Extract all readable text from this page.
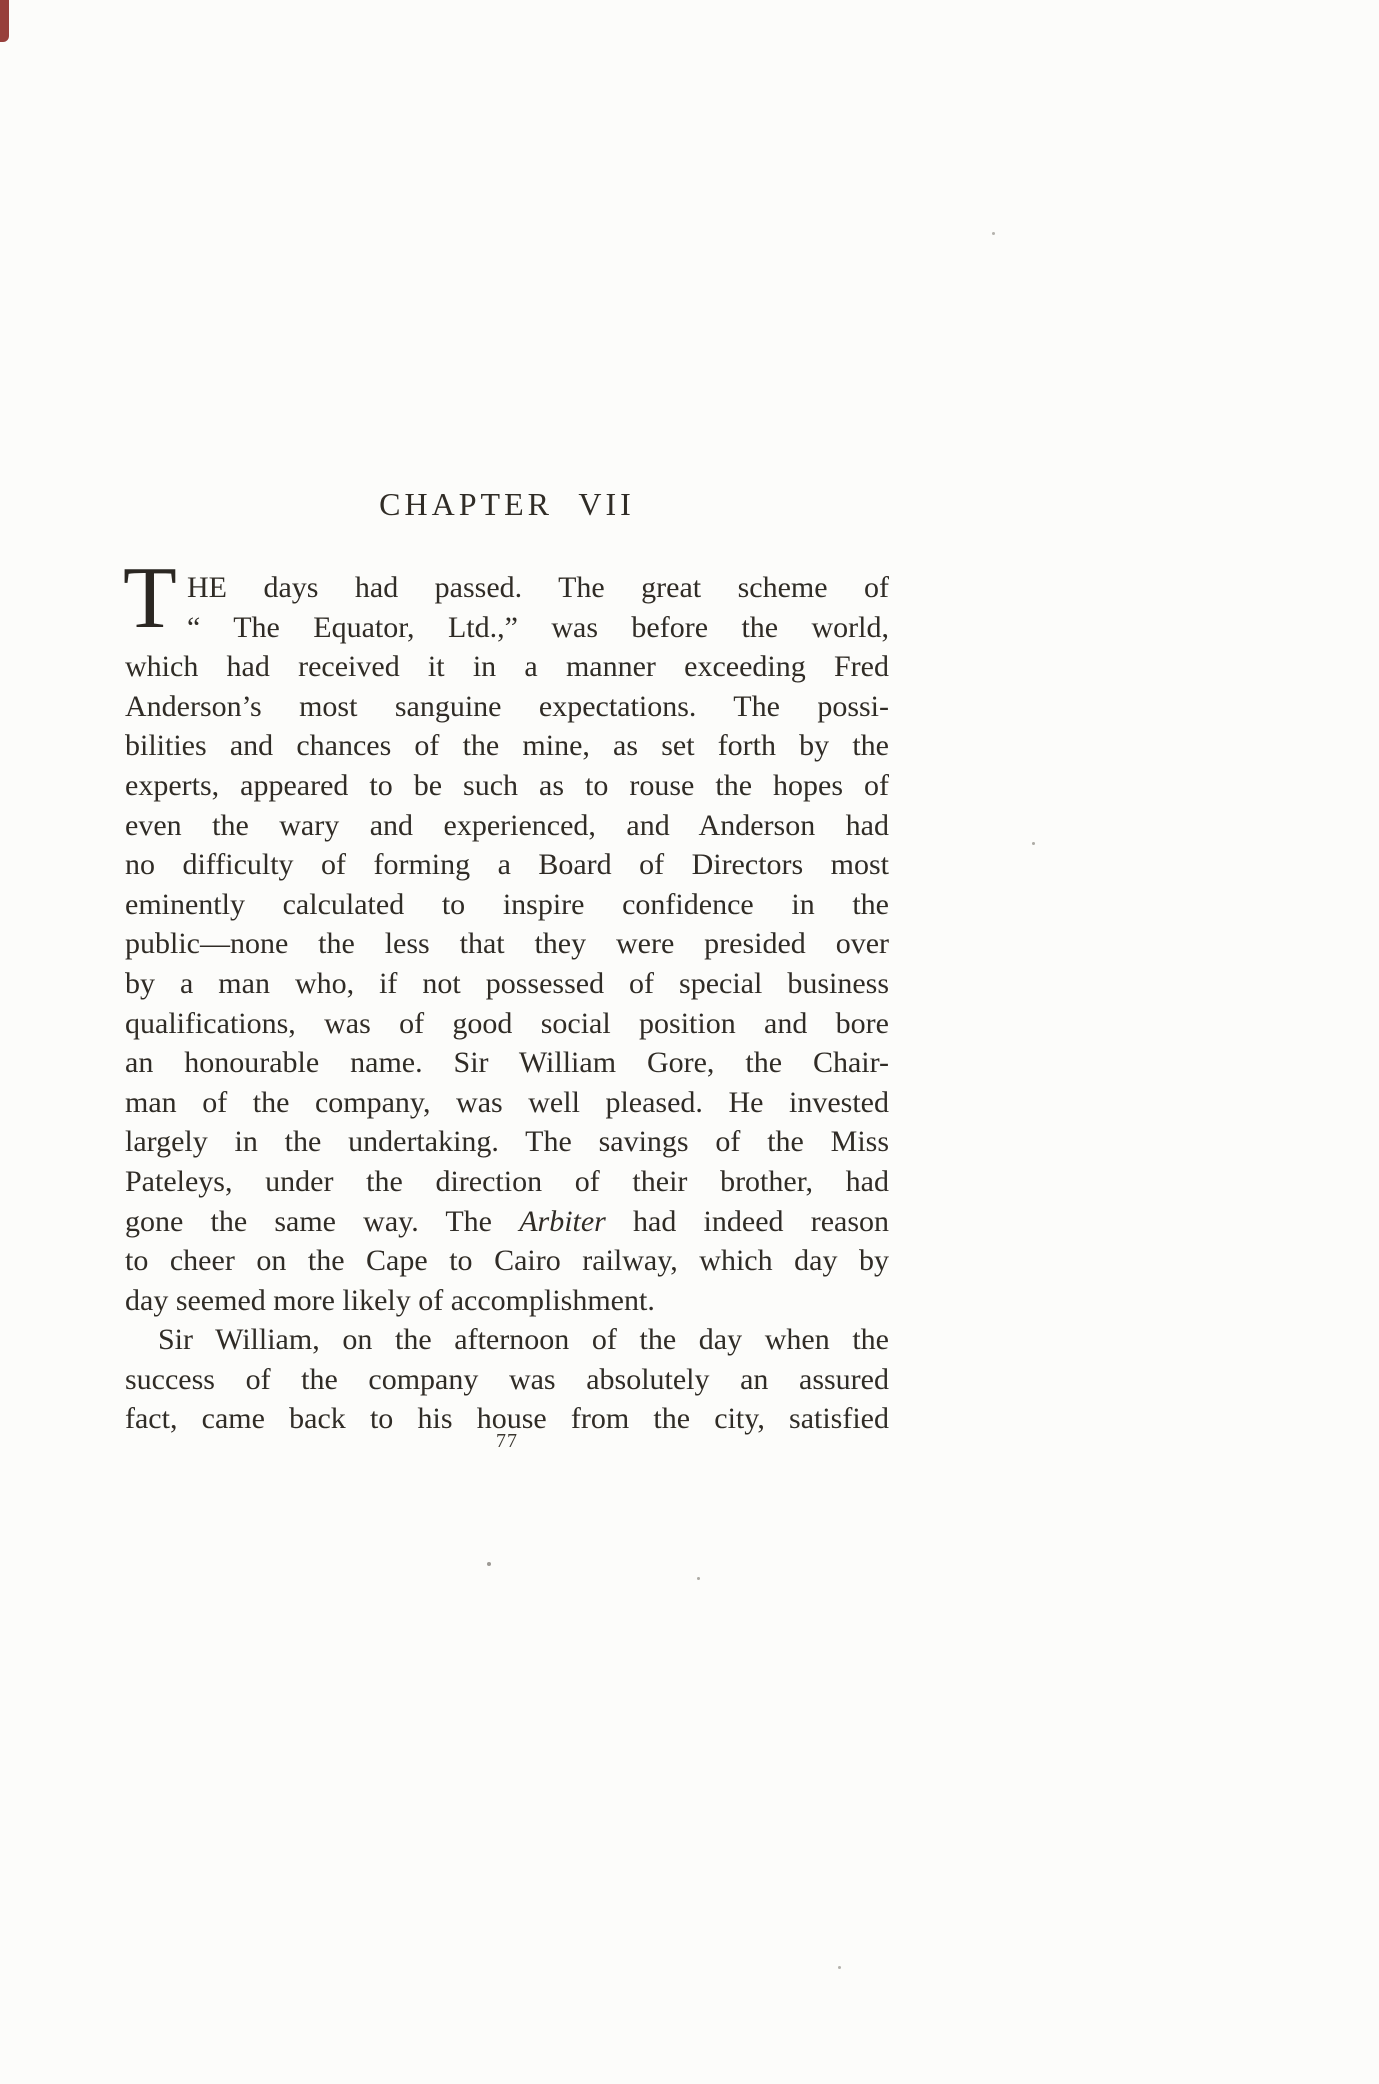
CHAPTER VII
T HE days had passed. The great scheme of
“ The Equator, Ltd.,” was before the world,
which had received it in a manner exceeding Fred
Anderson’s most sanguine expectations. The possi-
bilities and chances of the mine, as set forth by the
experts, appeared to be such as to rouse the hopes of
even the wary and experienced, and Anderson had
no difficulty of forming a Board of Directors most
eminently calculated to inspire confidence in the
public—none the less that they were presided over
by a man who, if not possessed of special business
qualifications, was of good social position and bore
an honourable name. Sir William Gore, the Chair-
man of the company, was well pleased. He invested
largely in the undertaking. The savings of the Miss
Pateleys, under the direction of their brother, had
gone the same way. The Arbiter had indeed reason
to cheer on the Cape to Cairo railway, which day by
day seemed more likely of accomplishment.
Sir William, on the afternoon of the day when the
success of the company was absolutely an assured
fact, came back to his house from the city, satisfied
77
